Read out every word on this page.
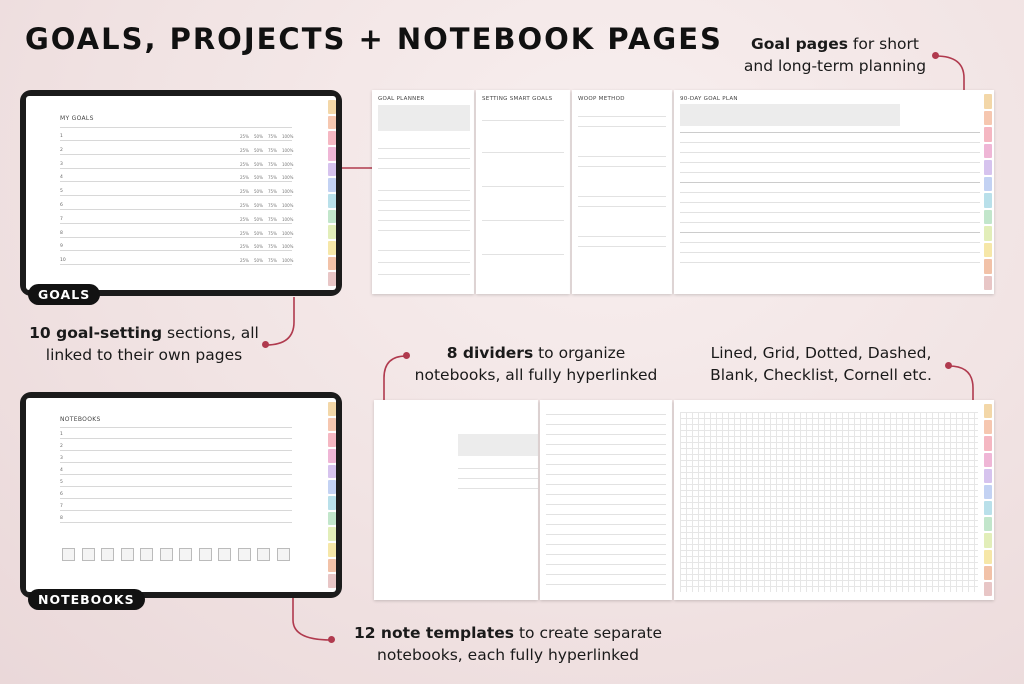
GOALS, PROJECTS + NOTEBOOK PAGES	Goal pages for short
and long-term planning
10 goal-setting sections, all
linked to their own pages	8 dividers to organize
notebooks, all fully hyperlinked
Lined, Grid, Dotted, Dashed,
Blank, Checklist, Cornell etc.
12 note templates to create separate
notebooks, each fully hyperlinked
MY GOALS
1	25% 50% 75% 100%
2	25% 50% 75% 100%
3	25% 50% 75% 100%
4	25% 50% 75% 100%
5	25% 50% 75% 100%
6	25% 50% 75% 100%
7	25% 50% 75% 100%
8	25% 50% 75% 100%
9	25% 50% 75% 100%
10	25% 50% 75% 100%
GOALS
NOTEBOOKS
1
2
3
4
5
6
7
8
NOTEBOOKS
GOAL PLANNER	SETTING SMART GOALS	WOOP METHOD	90-DAY GOAL PLAN
